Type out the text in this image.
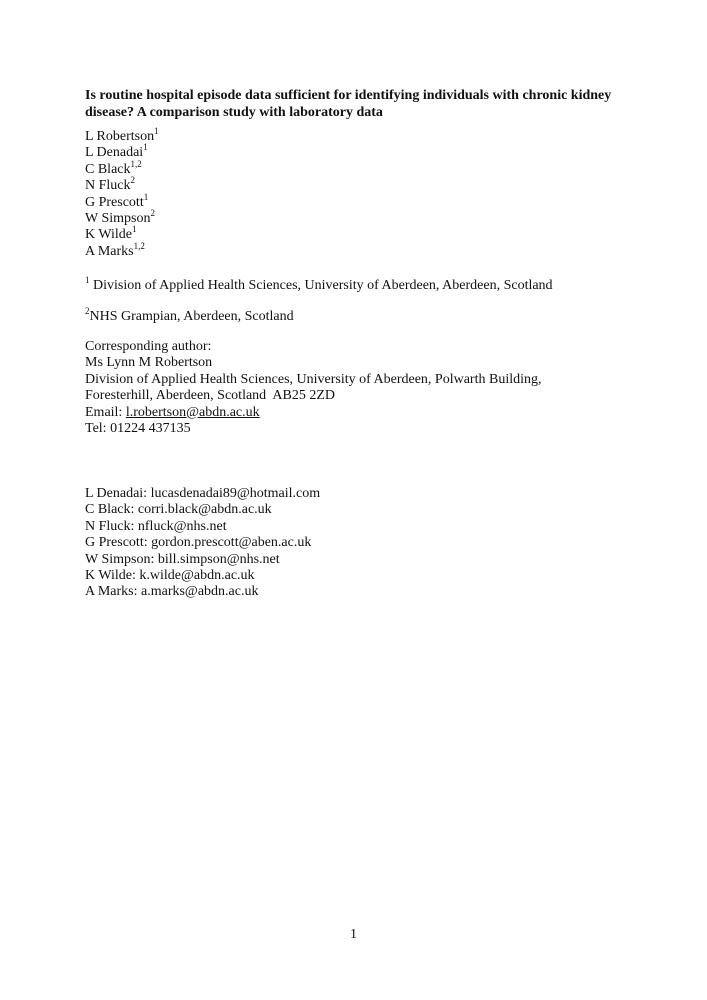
Is routine hospital episode data sufficient for identifying individuals with chronic kidney disease? A comparison study with laboratory data
L Robertson$^1$
L Denadai$^1$
C Black$^{1,2}$
N Fluck$^2$
G Prescott$^1$
W Simpson$^2$
K Wilde$^1$
A Marks$^{1,2}$
$^1$ Division of Applied Health Sciences, University of Aberdeen, Aberdeen, Scotland
$^2$NHS Grampian, Aberdeen, Scotland
Corresponding author:
Ms Lynn M Robertson
Division of Applied Health Sciences, University of Aberdeen, Polwarth Building,
Foresterhill, Aberdeen, Scotland  AB25 2ZD
Email: l.robertson@abdn.ac.uk
Tel: 01224 437135
L Denadai: lucasdenadai89@hotmail.com
C Black: corri.black@abdn.ac.uk
N Fluck: nfluck@nhs.net
G Prescott: gordon.prescott@aben.ac.uk
W Simpson: bill.simpson@nhs.net
K Wilde: k.wilde@abdn.ac.uk
A Marks: a.marks@abdn.ac.uk
1
